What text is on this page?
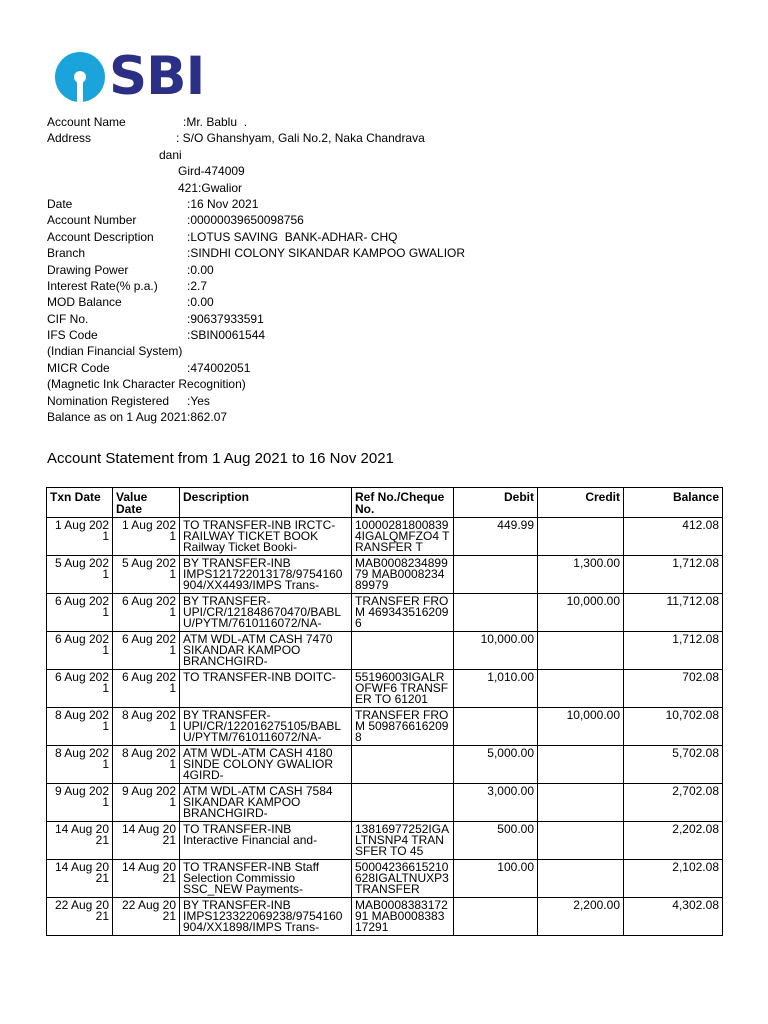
SBI
Account Name	:Mr. Bablu  .
Address	: S/O Ghanshyam, Gali No.2, Naka Chandrava
dani
Gird-474009
421:Gwalior
Date	:16 Nov 2021
Account Number	:00000039650098756
Account Description	:LOTUS SAVING  BANK-ADHAR- CHQ
Branch	:SINDHI COLONY SIKANDAR KAMPOO GWALIOR
Drawing Power	:0.00
Interest Rate(% p.a.) :2.7
MOD Balance	:0.00
CIF No.	:90637933591
IFS Code	:SBIN0061544
(Indian Financial System)
MICR Code	:474002051
(Magnetic Ink Character Recognition)
Nomination Registered :Yes
Balance as on 1 Aug 2021 :862.07
Account Statement from 1 Aug 2021 to 16 Nov 2021
Txn Date	Value Date	Description	Ref No./Cheque No.	Debit	Credit	Balance

1 Aug 2021	1 Aug 2021	TO TRANSFER-INB IRCTC-RAILWAY TICKET BOOK Railway Ticket Booki-	100002818008394IGALQMFZO4 TRANSFER T	449.99		412.08

5 Aug 2021	5 Aug 2021	BY TRANSFER-INB IMPS121722013178/9754160904/XX4493/IMPS Trans-	MAB000823489979 MAB000823489979		1,300.00	1,712.08

6 Aug 2021	6 Aug 2021	BY TRANSFER-UPI/CR/121848670470/BABLU/PYTM/7610116072/NA-	TRANSFER FROM 4693435162096		10,000.00	11,712.08

6 Aug 2021	6 Aug 2021	ATM WDL-ATM CASH 7470 SIKANDAR KAMPOO BRANCHGIRD-		10,000.00		1,712.08

6 Aug 2021	6 Aug 2021	TO TRANSFER-INB DOITC-	55196003IGALROFWF6 TRANSFER TO 61201	1,010.00		702.08

8 Aug 2021	8 Aug 2021	BY TRANSFER-UPI/CR/122016275105/BABLU/PYTM/7610116072/NA-	TRANSFER FROM 5098766162098		10,000.00	10,702.08

8 Aug 2021	8 Aug 2021	ATM WDL-ATM CASH 4180 SINDE COLONY GWALIOR 4GIRD-		5,000.00		5,702.08

9 Aug 2021	9 Aug 2021	ATM WDL-ATM CASH 7584 SIKANDAR KAMPOO BRANCHGIRD-		3,000.00		2,702.08

14 Aug 2021	14 Aug 2021	TO TRANSFER-INB Interactive Financial and-	13816977252IGALTNSNP4 TRANSFER TO 45	500.00		2,202.08

14 Aug 2021	14 Aug 2021	TO TRANSFER-INB Staff Selection Commissio SSC_NEW Payments-	50004236615210628IGALTNUXP3 TRANSFER	100.00		2,102.08

22 Aug 2021	22 Aug 2021	BY TRANSFER-INB IMPS123322069238/9754160904/XX1898/IMPS Trans-	MAB000838317291 MAB000838317291		2,200.00	4,302.08
